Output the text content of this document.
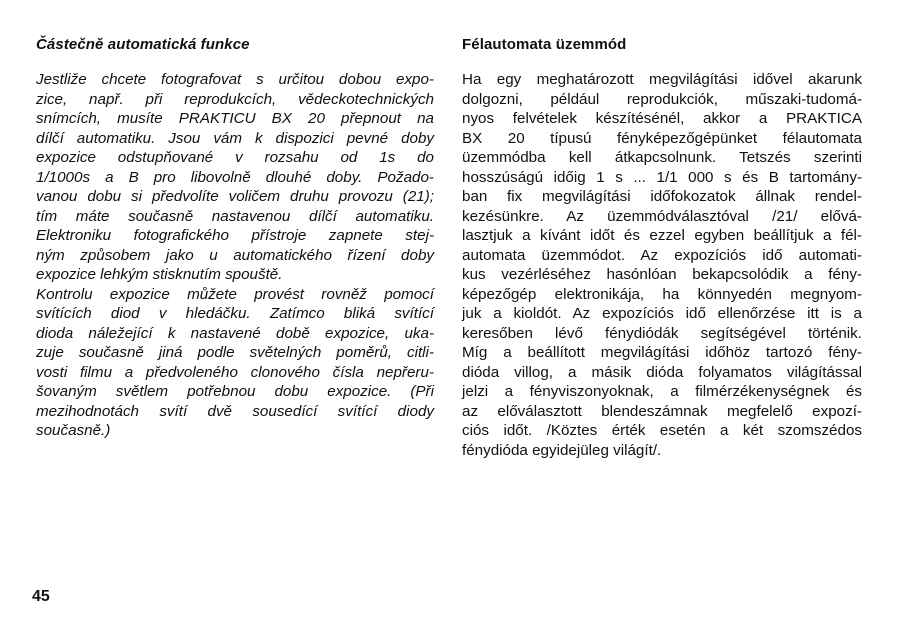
Částečně automatická funkce

Jestliže chcete fotografovat s určitou dobou expo-
zice, např. při reprodukcích, vědeckotechnických
snímcích, musíte PRAKTICU BX 20 přepnout na
dílčí automatiku. Jsou vám k dispozici pevné doby
expozice odstupňované v rozsahu od 1s do
1/1000s a B pro libovolně dlouhé doby. Požado-
vanou dobu si předvolíte voličem druhu provozu (21);
tím máte současně nastavenou dílčí automatiku.
Elektroniku fotografického přístroje zapnete stej-
ným způsobem jako u automatického řízení doby
expozice lehkým stisknutím spouště.

Kontrolu expozice můžete provést rovněž pomocí
svítících diod v hledáčku. Zatímco bliká svítící
dioda náležející k nastavené době expozice, uka-
zuje současně jiná podle světelných poměrů, citli-
vosti filmu a předvoleného clonového čísla nepřeru-
šovaným světlem potřebnou dobu expozice. (Při
mezihodnotách svítí dvě sousedící svítící diody
současně.)

Félautomata üzemmód

Ha egy meghatározott megvilágítási idővel akarunk
dolgozni, például reprodukciók, műszaki-tudomá-
nyos felvételek készítésénél, akkor a PRAKTICA
BX 20 típusú fényképezőgépünket félautomata
üzemmódba kell átkapcsolnunk. Tetszés szerinti
hosszúságú időig 1 s ... 1/1 000 s és B tartomány-
ban fix megvilágítási időfokozatok állnak rendel-
kezésünkre. Az üzemmódválasztóval /21/ elővá-
lasztjuk a kívánt időt és ezzel egyben beállítjuk a fél-
automata üzemmódot. Az expozíciós idő automati-
kus vezérléséhez hasónlóan bekapcsolódik a fény-
képezőgép elektronikája, ha könnyedén megnyom-
juk a kioldót. Az expozíciós idő ellenőrzése itt is a
keresőben lévő fénydiódák segítségével történik.
Míg a beállított megvilágítási időhöz tartozó fény-
dióda villog, a másik dióda folyamatos világítással
jelzi a fényviszonyoknak, a filmérzékenységnek és
az előválasztott blendeszámnak megfelelő expozí-
ciós időt. /Köztes érték esetén a két szomszédos
fénydióda egyidejüleg világít/.

45
